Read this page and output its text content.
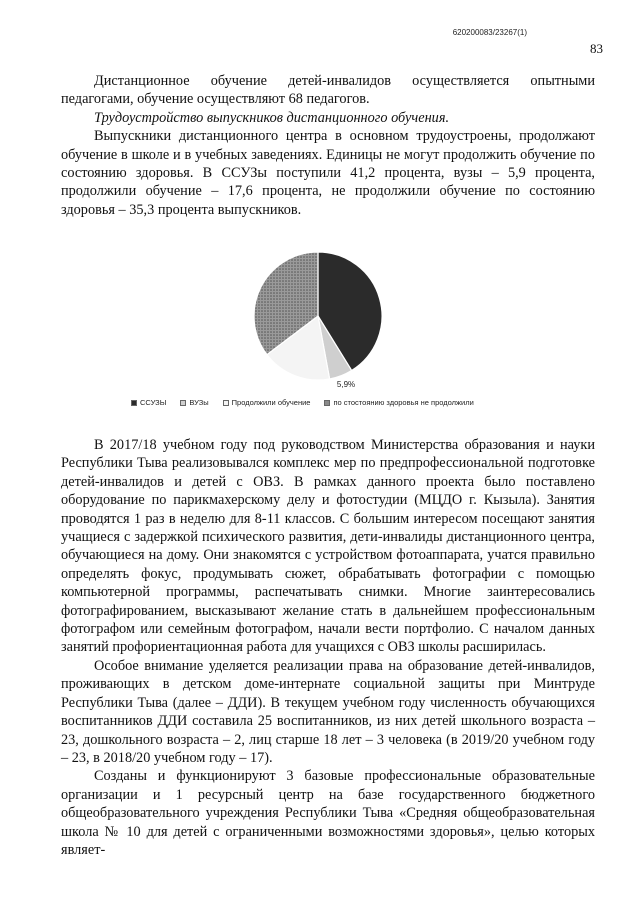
620200083/23267(1)
83

Дистанционное обучение детей-инвалидов осуществляется опытными педагогами, обучение осуществляют 68 педагогов.

Трудоустройство выпускников дистанционного обучения.

Выпускники дистанционного центра в основном трудоустроены, продолжают обучение в школе и в учебных заведениях. Единицы не могут продолжить обучение по состоянию здоровья. В ССУЗы поступили 41,2 процента, вузы – 5,9 процента, продолжили обучение – 17,6 процента, не продолжили обучение по состоянию здоровья – 35,3 процента выпускников.

5,9%
ССУЗЫ	ВУЗы	Продолжили обучение	по стостоянию здоровья не продолжили

В 2017/18 учебном году под руководством Министерства образования и науки Республики Тыва реализовывался комплекс мер по предпрофессиональной подготовке детей-инвалидов и детей с ОВЗ. В рамках данного проекта было поставлено оборудование по парикмахерскому делу и фотостудии (МЦДО г. Кызыла). Занятия проводятся 1 раз в неделю для 8-11 классов. С большим интересом посещают занятия учащиеся с задержкой психического развития, дети-инвалиды дистанционного центра, обучающиеся на дому. Они знакомятся с устройством фотоаппарата, учатся правильно определять фокус, продумывать сюжет, обрабатывать фотографии с помощью компьютерной программы, распечатывать снимки. Многие заинтересовались фотографированием, высказывают желание стать в дальнейшем профессиональным фотографом или семейным фотографом, начали вести портфолио. С началом данных занятий профориентационная работа для учащихся с ОВЗ школы расширилась.

Особое внимание уделяется реализации права на образование детей-инвалидов, проживающих в детском доме-интернате социальной защиты при Минтруде Республики Тыва (далее – ДДИ). В текущем учебном году численность обучающихся воспитанников ДДИ составила 25 воспитанников, из них детей школьного возраста – 23, дошкольного возраста – 2, лиц старше 18 лет – 3 человека (в 2019/20 учебном году – 23, в 2018/20 учебном году – 17).

Созданы и функционируют 3 базовые профессиональные образовательные организации и 1 ресурсный центр на базе государственного бюджетного общеобразовательного учреждения Республики Тыва «Средняя общеобразовательная школа № 10 для детей с ограниченными возможностями здоровья», целью которых являет-
